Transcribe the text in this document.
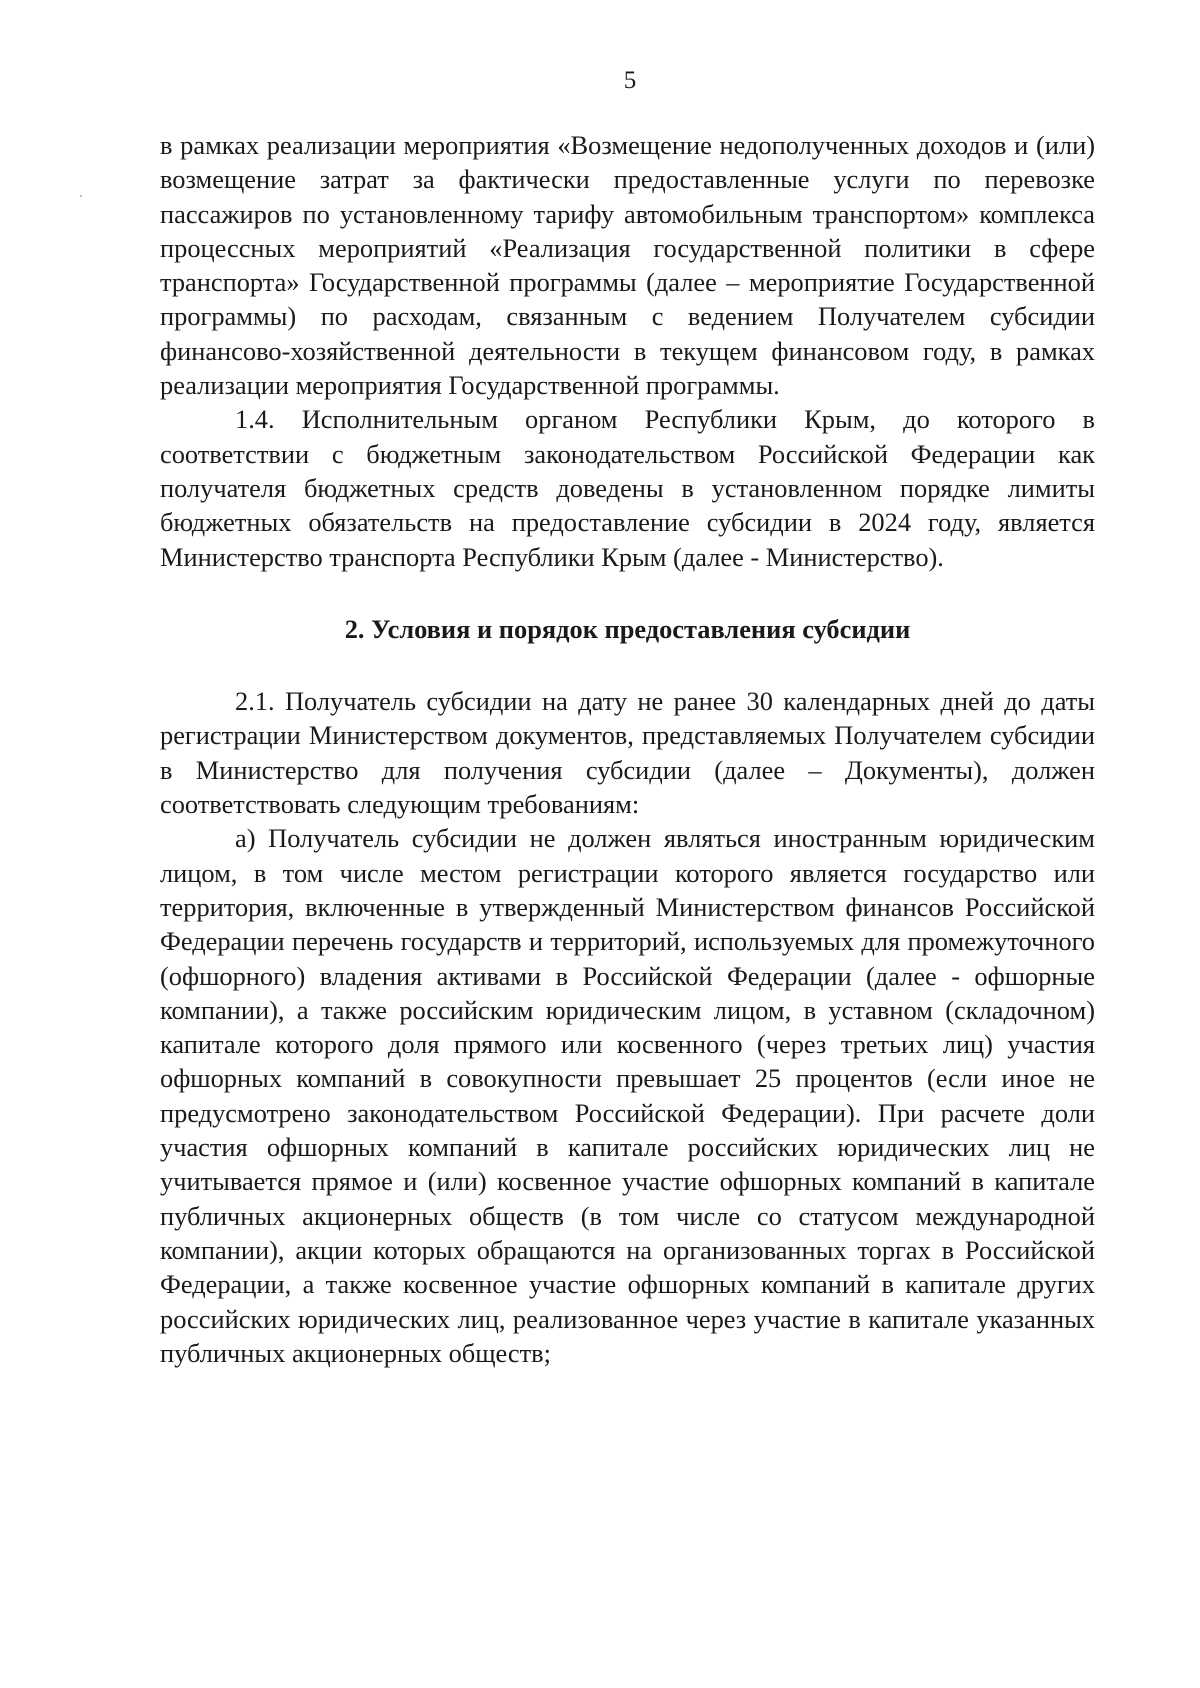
5

в рамках реализации мероприятия «Возмещение недополученных доходов и (или) возмещение затрат за фактически предоставленные услуги по перевозке пассажиров по установленному тарифу автомобильным транспортом» комплекса процессных мероприятий «Реализация государственной политики в сфере транспорта» Государственной программы (далее – мероприятие Государственной программы) по расходам, связанным с ведением Получателем субсидии финансово-хозяйственной деятельности в текущем финансовом году, в рамках реализации мероприятия Государственной программы.

1.4. Исполнительным органом Республики Крым, до которого в соответствии с бюджетным законодательством Российской Федерации как получателя бюджетных средств доведены в установленном порядке лимиты бюджетных обязательств на предоставление субсидии в 2024 году, является Министерство транспорта Республики Крым (далее - Министерство).

2. Условия и порядок предоставления субсидии

2.1. Получатель субсидии на дату не ранее 30 календарных дней до даты регистрации Министерством документов, представляемых Получателем субсидии в Министерство для получения субсидии (далее – Документы), должен соответствовать следующим требованиям:

а) Получатель субсидии не должен являться иностранным юридическим лицом, в том числе местом регистрации которого является государство или территория, включенные в утвержденный Министерством финансов Российской Федерации перечень государств и территорий, используемых для промежуточного (офшорного) владения активами в Российской Федерации (далее - офшорные компании), а также российским юридическим лицом, в уставном (складочном) капитале которого доля прямого или косвенного (через третьих лиц) участия офшорных компаний в совокупности превышает 25 процентов (если иное не предусмотрено законодательством Российской Федерации). При расчете доли участия офшорных компаний в капитале российских юридических лиц не учитывается прямое и (или) косвенное участие офшорных компаний в капитале публичных акционерных обществ (в том числе со статусом международной компании), акции которых обращаются на организованных торгах в Российской Федерации, а также косвенное участие офшорных компаний в капитале других российских юридических лиц, реализованное через участие в капитале указанных публичных акционерных обществ;
